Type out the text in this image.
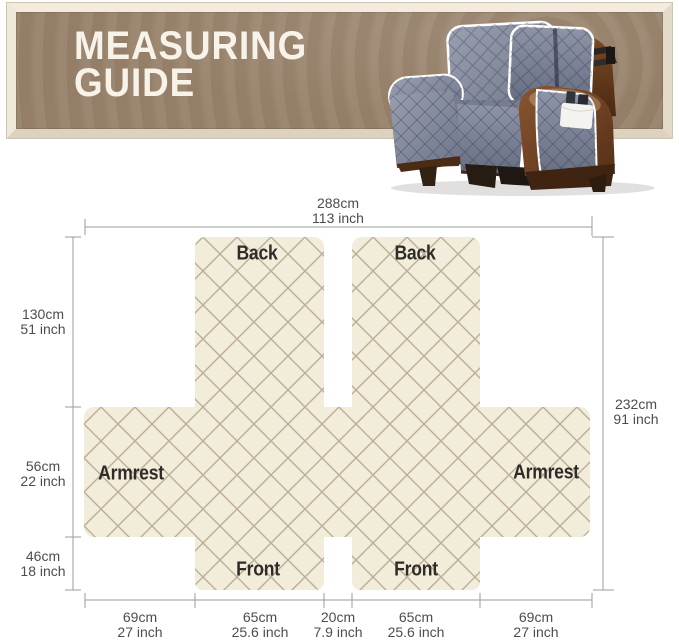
MEASURING
GUIDE
Back	Back
Armrest	Armrest
Front	Front
288cm
113 inch
232cm
91 inch
130cm
51 inch
56cm
22 inch
46cm
18 inch
69cm
27 inch
65cm
25.6 inch
20cm
7.9 inch
65cm
25.6 inch
69cm
27 inch
